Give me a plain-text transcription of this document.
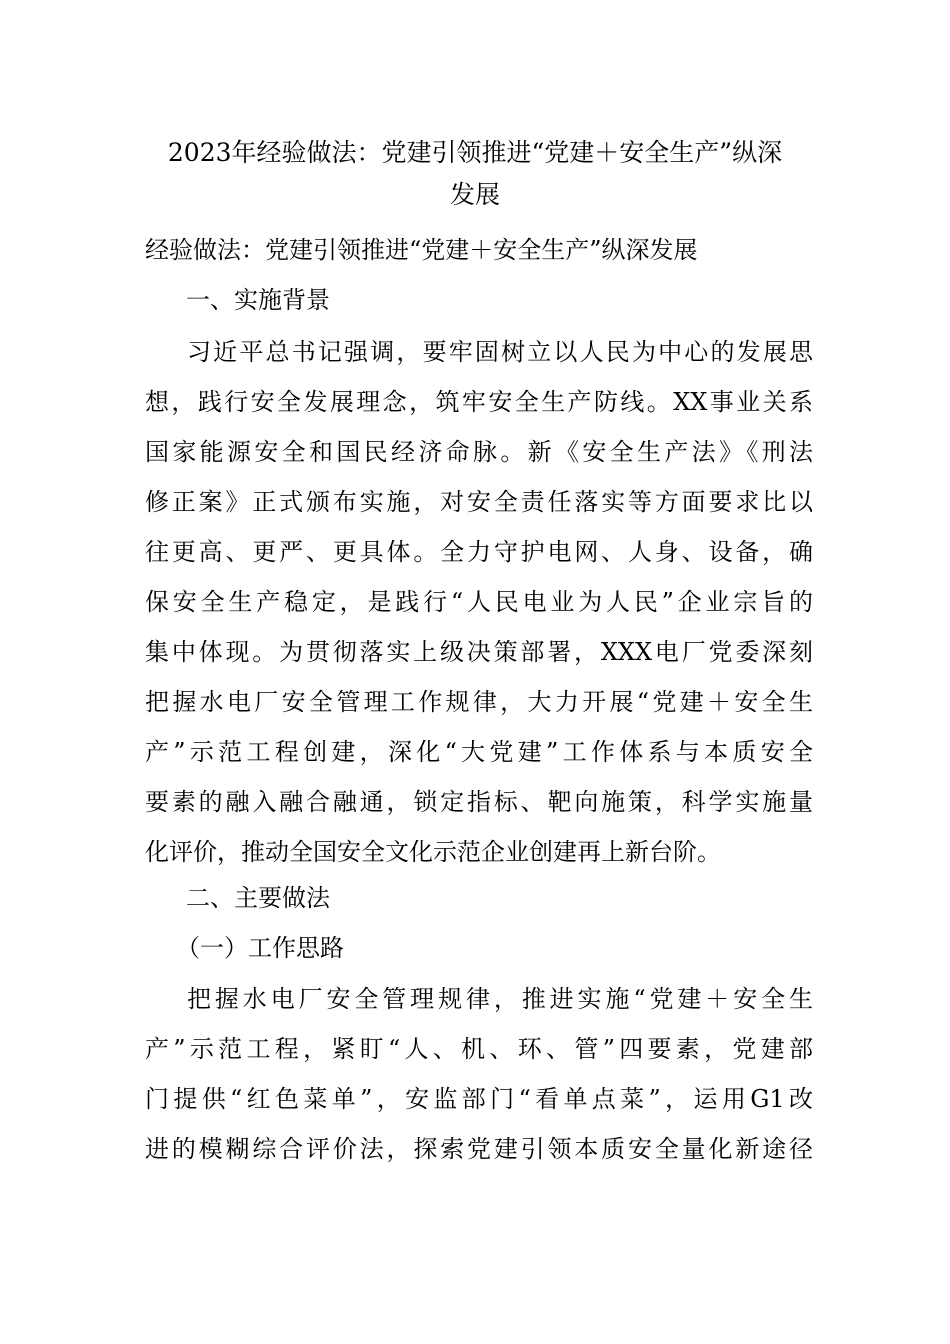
2023年经验做法：党建引领推进“党建＋安全生产”纵深
发展

经验做法：党建引领推进“党建＋安全生产”纵深发展

一、实施背景
习近平总书记强调，要牢固树立以人民为中心的发展思
想，践行安全发展理念，筑牢安全生产防线。XX事业关系
国家能源安全和国民经济命脉。新《安全生产法》《刑法
修正案》正式颁布实施，对安全责任落实等方面要求比以
往更高、更严、更具体。全力守护电网、人身、设备，确
保安全生产稳定，是践行“人民电业为人民”企业宗旨的
集中体现。为贯彻落实上级决策部署，XXX电厂党委深刻
把握水电厂安全管理工作规律，大力开展“党建＋安全生
产”示范工程创建，深化“大党建”工作体系与本质安全
要素的融入融合融通，锁定指标、靶向施策，科学实施量
化评价，推动全国安全文化示范企业创建再上新台阶。
二、主要做法
（一）工作思路
把握水电厂安全管理规律，推进实施“党建＋安全生
产”示范工程，紧盯“人、机、环、管”四要素，党建部
门提供“红色菜单”，安监部门“看单点菜”，运用G1改
进的模糊综合评价法，探索党建引领本质安全量化新途径
